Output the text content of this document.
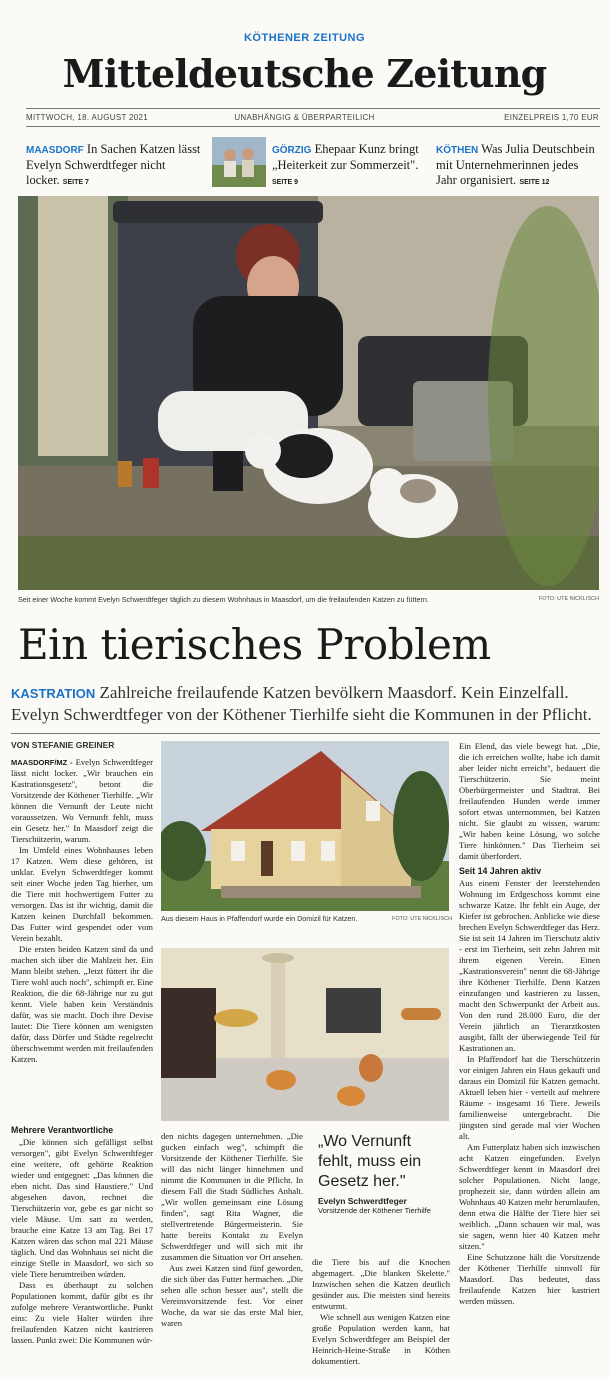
KÖTHENER ZEITUNG
Mitteldeutsche Zeitung
MITTWOCH, 18. AUGUST 2021	UNABHÄNGIG & ÜBERPARTEILICH	EINZELPREIS 1,70 EUR
MAASDORF In Sachen Katzen lässt Evelyn Schwerdtfeger nicht locker. SEITE 7
GÖRZIG Ehepaar Kunz bringt „Heiterkeit zur Sommerzeit". SEITE 9
KÖTHEN Was Julia Deutschbein mit Unternehmerinnen jedes Jahr organisiert. SEITE 12
Seit einer Woche kommt Evelyn Schwerdtfeger täglich zu diesem Wohnhaus in Maasdorf, um die freilaufenden Katzen zu füttern.	FOTO: UTE NICKLISCH
Ein tierisches Problem
KASTRATION Zahlreiche freilaufende Katzen bevölkern Maasdorf. Kein Einzelfall. Evelyn Schwerdtfeger von der Köthener Tierhilfe sieht die Kommunen in der Pflicht.
VON STEFANIE GREINER

MAASDORF/MZ - Evelyn Schwerdtfeger lässt nicht locker. „Wir brauchen ein Kastrationsgesetz", betont die Vorsitzende der Köthener Tierhilfe. „Wir können die Vernunft der Leute nicht voraussetzen. Wo Vernunft fehlt, muss ein Gesetz her." In Maasdorf zeigt die Tierschützerin, warum.

Im Umfeld eines Wohnhauses leben 17 Katzen. Wem diese gehören, ist unklar. Evelyn Schwerdtfeger kommt seit einer Woche jeden Tag hierher, um die Tiere mit hochwertigem Futter zu versorgen. Das ist ihr wichtig, damit die Katzen keinen Durchfall bekommen. Das Futter wird gespendet oder vom Verein bezahlt.

Die ersten beiden Katzen sind da und machen sich über die Mahlzeit her. Ein Mann bleibt stehen. „Jetzt füttert ihr die Tiere wohl auch noch", schimpft er. Eine Reaktion, die die 68-Jährige nur zu gut kennt. Viele haben kein Verständnis dafür, was sie macht. Doch ihre Devise lautet: Die Tiere können am wenigsten dafür, dass Dörfer und Städte regelrecht überschwemmt werden mit freilaufenden Katzen.

Mehrere Verantwortliche

„Die können sich gefälligst selbst versorgen", gibt Evelyn Schwerdtfeger eine weitere, oft gehörte Reaktion wieder und entgegnet: „Das können die eben nicht. Das sind Haustiere." Und abgesehen davon, rechnet die Tierschützerin vor, gebe es gar nicht so viele Mäuse. Um satt zu werden, brauche eine Katze 13 am Tag. Bei 17 Katzen wären das schon mal 221 Mäuse täglich. Und das Wohnhaus sei nicht die einzige Stelle in Maasdorf, wo sich so viele Tiere herumtreiben würden.

Dass es überhaupt zu solchen Populationen kommt, dafür gibt es ihr zufolge mehrere Verantwortliche. Punkt eins: Zu viele Halter würden ihre freilaufenden Katzen nicht kastrieren lassen. Punkt zwei: Die Kommunen wür-

Aus diesem Haus in Pfaffendorf wurde ein Domizil für Katzen.	FOTO: UTE NICKLISCH

den nichts dagegen unternehmen. „Die gucken einfach weg", schimpft die Vorsitzende der Köthener Tierhilfe. Sie will das nicht länger hinnehmen und nimmt die Kommunen in die Pflicht. In diesem Fall die Stadt Südliches Anhalt. „Wir wollen gemeinsam eine Lösung finden", sagt Rita Wagner, die stellvertretende Bürgermeisterin. Sie hatte bereits Kontakt zu Evelyn Schwerdtfeger und will sich mit ihr zusammen die Situation vor Ort ansehen.

Aus zwei Katzen sind fünf geworden, die sich über das Futter hermachen. „Die sehen alle schon besser aus", stellt die Vereinsvorsitzende fest. Vor einer Woche, da war sie das erste Mal hier, waren

„Wo Vernunft fehlt, muss ein Gesetz her."
Evelyn Schwerdtfeger
Vorsitzende der Köthener Tierhilfe

die Tiere bis auf die Knochen abgemagert. „Die blanken Skelette." Inzwischen sehen die Katzen deutlich gesünder aus. Die meisten sind bereits entwurmt.

Wie schnell aus wenigen Katzen eine große Population werden kann, hat Evelyn Schwerdtfeger am Beispiel der Heinrich-Heine-Straße in Köthen dokumentiert.

Ein Elend, das viele bewegt hat. „Die, die ich erreichen wollte, habe ich damit aber leider nicht erreicht", bedauert die Tierschützerin. Sie meint Oberbürgermeister und Stadtrat. Bei freilaufenden Hunden werde immer sofort etwas unternommen, bei Katzen nicht. Sie glaubt zu wissen, warum: „Wir haben keine Lösung, wo solche Tiere hinkönnen." Das Tierheim sei damit überfordert.

Seit 14 Jahren aktiv

Aus einem Fenster der leerstehenden Wohnung im Erdgeschoss kommt eine schwarze Katze. Ihr fehlt ein Auge, der Kiefer ist gebrochen. Anblicke wie diese brechen Evelyn Schwerdtfeger das Herz. Sie ist seit 14 Jahren im Tierschutz aktiv - erst im Tierheim, seit zehn Jahren mit ihrem eigenen Verein. Einen „Kastrationsverein" nennt die 68-Jährige ihre Köthener Tierhilfe. Denn Katzen einzufangen und kastrieren zu lassen, macht den Schwerpunkt der Arbeit aus. Von den rund 28.000 Euro, die der Verein jährlich an Tierarztkosten ausgibt, fällt der überwiegende Teil für Kastrationen an.

In Pfaffendorf hat die Tierschützerin vor einigen Jahren ein Haus gekauft und daraus ein Domizil für Katzen gemacht. Aktuell leben hier - verteilt auf mehrere Räume - insgesamt 16 Tiere. Jeweils familienweise untergebracht. Die jüngsten sind gerade mal vier Wochen alt.

Am Futterplatz haben sich inzwischen acht Katzen eingefunden. Evelyn Schwerdtfeger kennt in Maasdorf drei solcher Populationen. Nicht lange, prophezeit sie, dann würden allein am Wohnhaus 40 Katzen mehr herumlaufen, denn etwa die Hälfte der Tiere hier sei weiblich. „Dann schauen wir mal, was sie sagen, wenn hier 40 Katzen mehr sitzen."

Eine Schutzzone hält die Vorsitzende der Köthener Tierhilfe sinnvoll für Maasdorf. Das bedeutet, dass freilaufende Katzen hier kastriert werden müssen.
